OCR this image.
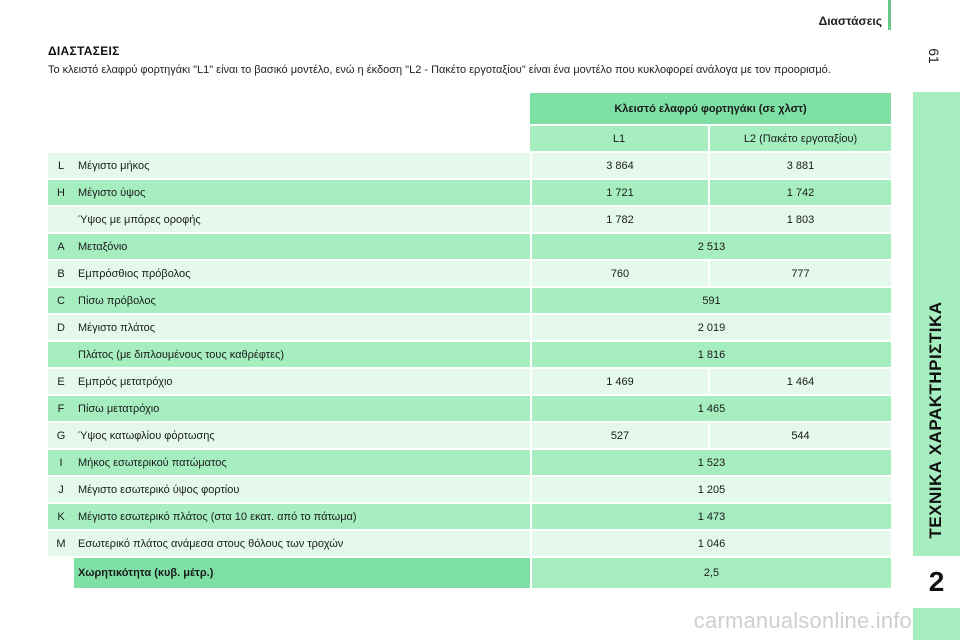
Διαστάσεις
61
ΤΕΧΝΙΚΑ ΧΑΡΑΚΤΗΡΙΣΤΙΚΑ
2
ΔΙΑΣΤΑΣΕΙΣ
Το κλειστό ελαφρύ φορτηγάκι "L1" είναι το βασικό μοντέλο, ενώ η έκδοση "L2 - Πακέτο εργοταξίου" είναι ένα μοντέλο που κυκλοφορεί ανάλογα με τον προορισμό.
		Κλειστό ελαφρύ φορτηγάκι (σε χλστ)	
		L1	L2 (Πακέτο εργοταξίου)
L	Μέγιστο μήκος	3 864	3 881
H	Μέγιστο ύψος	1 721	1 742
	Ύψος με μπάρες οροφής	1 782	1 803
A	Μεταξόνιο	2 513	
B	Εμπρόσθιος πρόβολος	760	777
C	Πίσω πρόβολος	591	
D	Μέγιστο πλάτος	2 019	
	Πλάτος (με διπλουμένους τους καθρέφτες)	1 816	
E	Εμπρός μετατρόχιο	1 469	1 464
F	Πίσω μετατρόχιο	1 465	
G	Ύψος κατωφλίου φόρτωσης	527	544
I	Μήκος εσωτερικού πατώματος	1 523	
J	Μέγιστο εσωτερικό ύψος φορτίου	1 205	
K	Μέγιστο εσωτερικό πλάτος (στα 10 εκατ. από το πάτωμα)	1 473	
M	Εσωτερικό πλάτος ανάμεσα στους θόλους των τροχών	1 046	
	Χωρητικότητα (κυβ. μέτρ.)	2,5	
carmanualsonline.info
